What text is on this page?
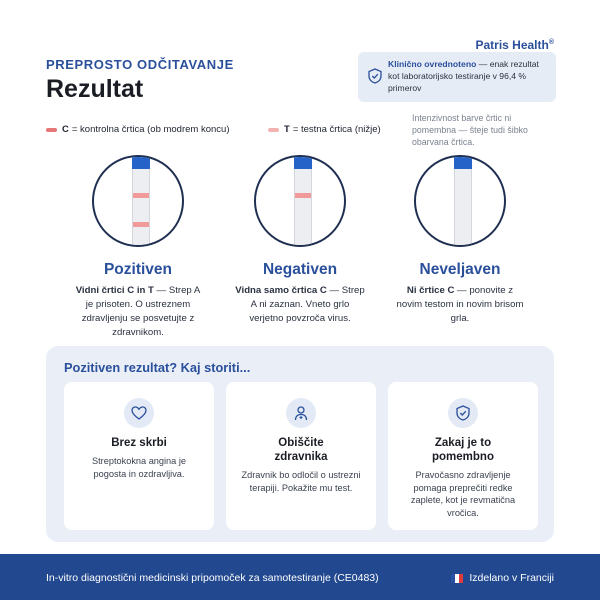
Patris Health®
PREPROSTO ODČITAVANJE
Rezultat
Klinično ovrednoteno — enak rezultat kot laboratorijsko testiranje v 96,4 % primerov
C = kontrolna črtica (ob modrem koncu)	T = testna črtica (nižje)
Intenzivnost barve črtic ni pomembna — šteje tudi šibko obarvana črtica.
Pozitiven
Vidni črtici C in T — Strep A je prisoten. O ustreznem zdravljenju se posvetujte z zdravnikom.
Negativen
Vidna samo črtica C — Strep A ni zaznan. Vneto grlo verjetno povzroča virus.
Neveljaven
Ni črtice C — ponovite z novim testom in novim brisom grla.
Pozitiven rezultat? Kaj storiti...
Brez skrbi
Streptokokna angina je pogosta in ozdravljiva.
Obiščite zdravnika
Zdravnik bo odločil o ustrezni terapiji. Pokažite mu test.
Zakaj je to pomembno
Pravočasno zdravljenje pomaga preprečiti redke zaplete, kot je revmatična vročica.
In-vitro diagnostični medicinski pripomoček za samotestiranje (CE0483)	Izdelano v Franciji
